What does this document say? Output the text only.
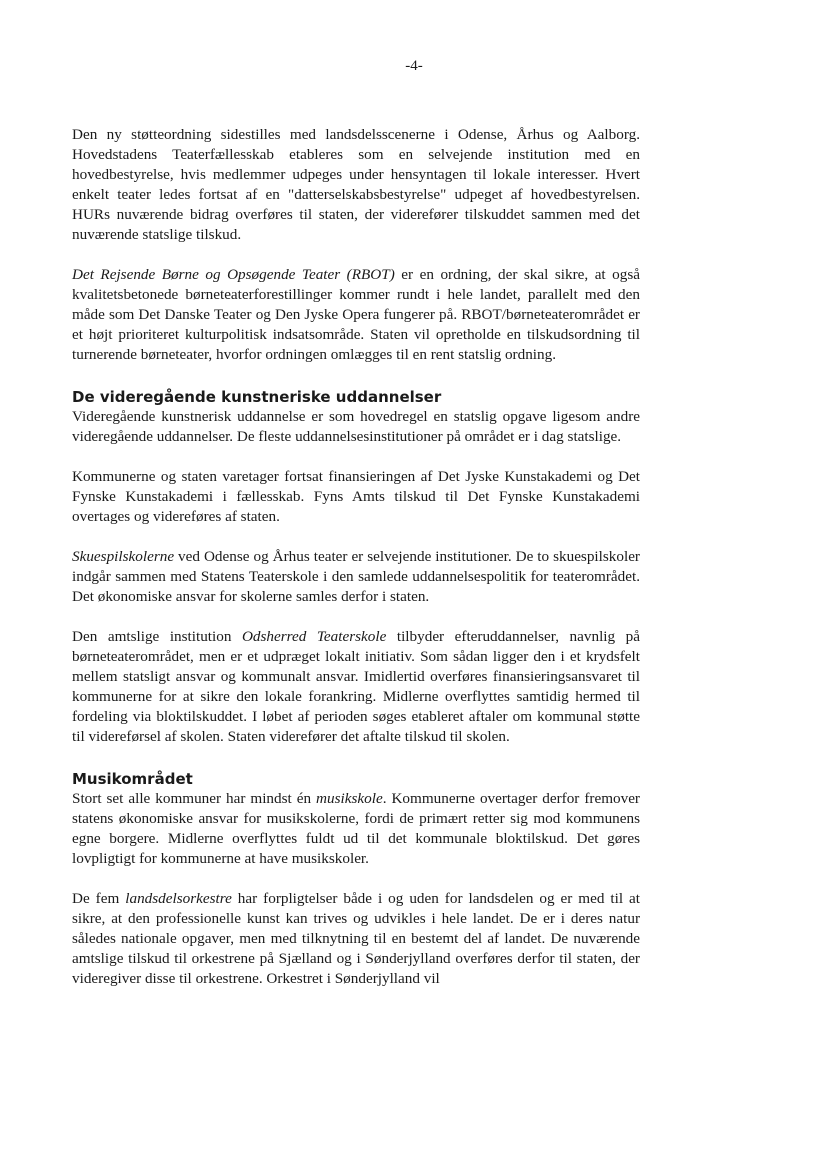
-4-

Den ny støtteordning sidestilles med landsdelsscenerne i Odense, Århus og Aalborg. Hovedstadens Teaterfællesskab etableres som en selvejende institution med en hovedbestyrelse, hvis medlemmer udpeges under hensyntagen til lokale interesser. Hvert enkelt teater ledes fortsat af en "datterselskabsbestyrelse" udpeget af hovedbestyrelsen. HURs nuværende bidrag overføres til staten, der viderefører tilskuddet sammen med det nuværende statslige tilskud.

Det Rejsende Børne og Opsøgende Teater (RBOT) er en ordning, der skal sikre, at også kvalitetsbetonede børneteaterforestillinger kommer rundt i hele landet, parallelt med den måde som Det Danske Teater og Den Jyske Opera fungerer på. RBOT/børneteaterområdet er et højt prioriteret kulturpolitisk indsatsområde. Staten vil opretholde en tilskudsordning til turnerende børneteater, hvorfor ordningen omlægges til en rent statslig ordning.

De videregående kunstneriske uddannelser

Videregående kunstnerisk uddannelse er som hovedregel en statslig opgave ligesom andre videregående uddannelser. De fleste uddannelsesinstitutioner på området er i dag statslige.

Kommunerne og staten varetager fortsat finansieringen af Det Jyske Kunstakademi og Det Fynske Kunstakademi i fællesskab. Fyns Amts tilskud til Det Fynske Kunstakademi overtages og videreføres af staten.

Skuespilskolerne ved Odense og Århus teater er selvejende institutioner. De to skuespilskoler indgår sammen med Statens Teaterskole i den samlede uddannelsespolitik for teaterområdet. Det økonomiske ansvar for skolerne samles derfor i staten.

Den amtslige institution Odsherred Teaterskole tilbyder efteruddannelser, navnlig på børneteaterområdet, men er et udpræget lokalt initiativ. Som sådan ligger den i et krydsfelt mellem statsligt ansvar og kommunalt ansvar. Imidlertid overføres finansieringsansvaret til kommunerne for at sikre den lokale forankring. Midlerne overflyttes samtidig hermed til fordeling via bloktilskuddet. I løbet af perioden søges etableret aftaler om kommunal støtte til videreførsel af skolen. Staten viderefører det aftalte tilskud til skolen.

Musikområdet

Stort set alle kommuner har mindst én musikskole. Kommunerne overtager derfor fremover statens økonomiske ansvar for musikskolerne, fordi de primært retter sig mod kommunens egne borgere. Midlerne overflyttes fuldt ud til det kommunale bloktilskud. Det gøres lovpligtigt for kommunerne at have musikskoler.

De fem landsdelsorkestre har forpligtelser både i og uden for landsdelen og er med til at sikre, at den professionelle kunst kan trives og udvikles i hele landet. De er i deres natur således nationale opgaver, men med tilknytning til en bestemt del af landet. De nuværende amtslige tilskud til orkestrene på Sjælland og i Sønderjylland overføres derfor til staten, der videregiver disse til orkestrene. Orkestret i Sønderjylland vil
